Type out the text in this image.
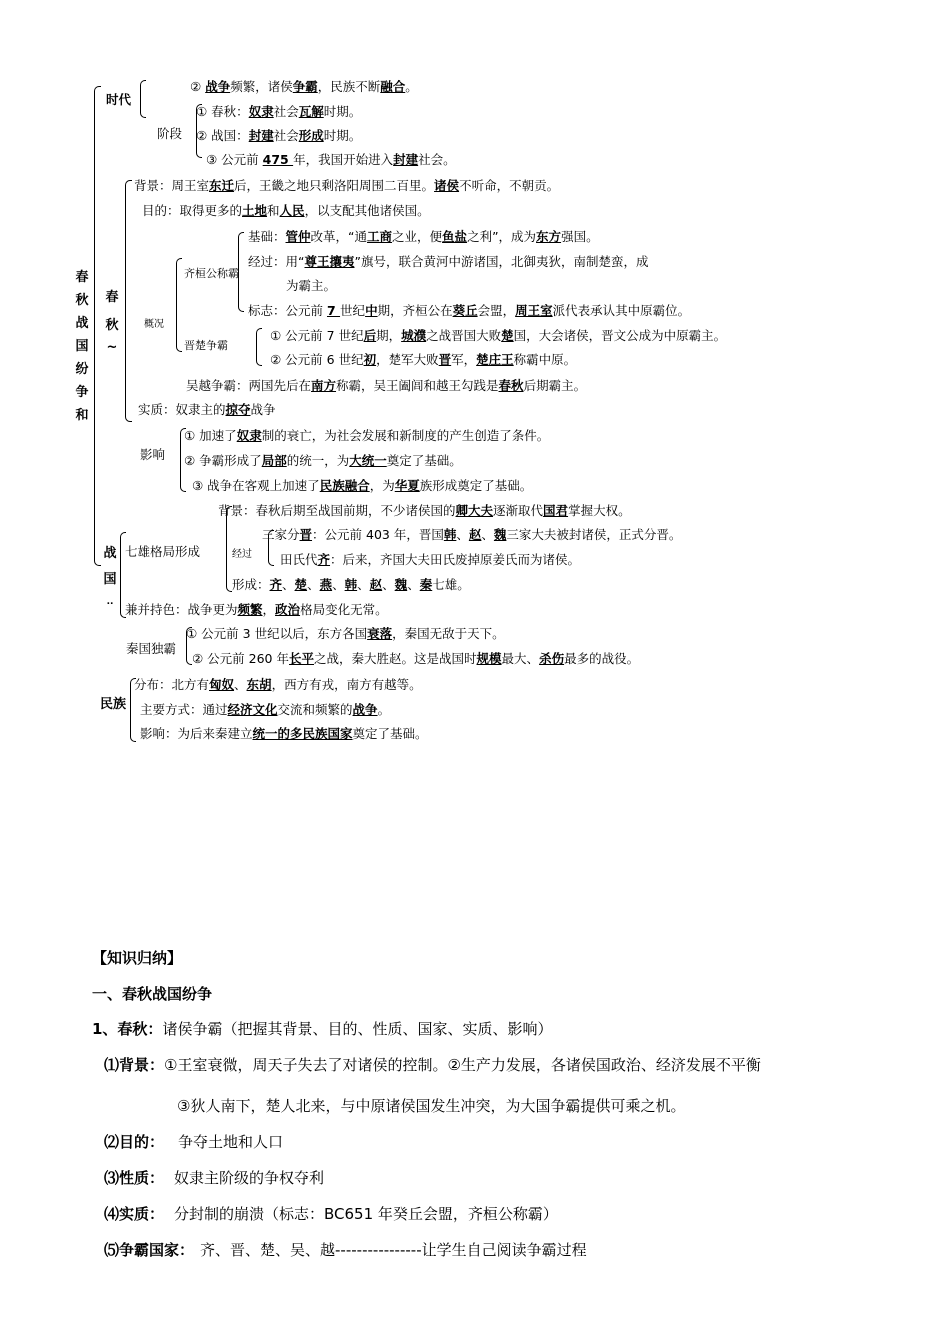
春
秋
战
国
纷
争
和
时代
② 战争频繁，诸侯争霸，民族不断融合。
阶段
① 春秋：奴隶社会瓦解时期。
② 战国：封建社会形成时期。
③ 公元前 475 年，我国开始进入封建社会。
春
秋
~
背景：周王室东迁后，王畿之地只剩洛阳周围二百里。诸侯不听命，不朝贡。
目的：取得更多的土地和人民，以支配其他诸侯国。
概况
齐桓公称霸
基础：管仲改革，“通工商之业，便鱼盐之利”，成为东方强国。
经过：用“尊王攘夷”旗号，联合黄河中游诸国，北御夷狄，南制楚蛮，成
为霸主。
标志：公元前 7 世纪中期，齐桓公在葵丘会盟，周王室派代表承认其中原霸位。
晋楚争霸
① 公元前 7 世纪后期，城濮之战晋国大败楚国，大会诸侯，晋文公成为中原霸主。
② 公元前 6 世纪初，楚军大败晋军，楚庄王称霸中原。
吴越争霸：两国先后在南方称霸，吴王阖闾和越王勾践是春秋后期霸主。
实质：奴隶主的掠夺战争
影响
① 加速了奴隶制的衰亡，为社会发展和新制度的产生创造了条件。
② 争霸形成了局部的统一，为大统一奠定了基础。
③ 战争在客观上加速了民族融合，为华夏族形成奠定了基础。
战
国
..
七雄格局形成
背景：春秋后期至战国前期，不少诸侯国的卿大夫逐渐取代国君掌握大权。
经过
三家分晋：公元前 403 年，晋国韩、赵、魏三家大夫被封诸侯，正式分晋。
田氏代齐：后来，齐国大夫田氏废掉原姜氏而为诸侯。
形成：齐、楚、燕、韩、赵、魏、秦七雄。
兼并持色：战争更为频繁，政治格局变化无常。
秦国独霸
① 公元前 3 世纪以后，东方各国衰落，秦国无敌于天下。
② 公元前 260 年长平之战，秦大胜赵。这是战国时规模最大、杀伤最多的战役。
民族
分布：北方有匈奴、东胡，西方有戎，南方有越等。
主要方式：通过经济文化交流和频繁的战争。
影响：为后来秦建立统一的多民族国家奠定了基础。
【知识归纳】
一、春秋战国纷争
1、春秋：诸侯争霸（把握其背景、目的、性质、国家、实质、影响）
⑴背景：①王室衰微，周天子失去了对诸侯的控制。②生产力发展，各诸侯国政治、经济发展不平衡
③狄人南下，楚人北来，与中原诸侯国发生冲突，为大国争霸提供可乘之机。
⑵目的： 争夺土地和人口
⑶性质： 奴隶主阶级的争权夺利
⑷实质： 分封制的崩溃（标志：BC651 年癸丘会盟，齐桓公称霸）
⑸争霸国家： 齐、晋、楚、吴、越----------------让学生自己阅读争霸过程
